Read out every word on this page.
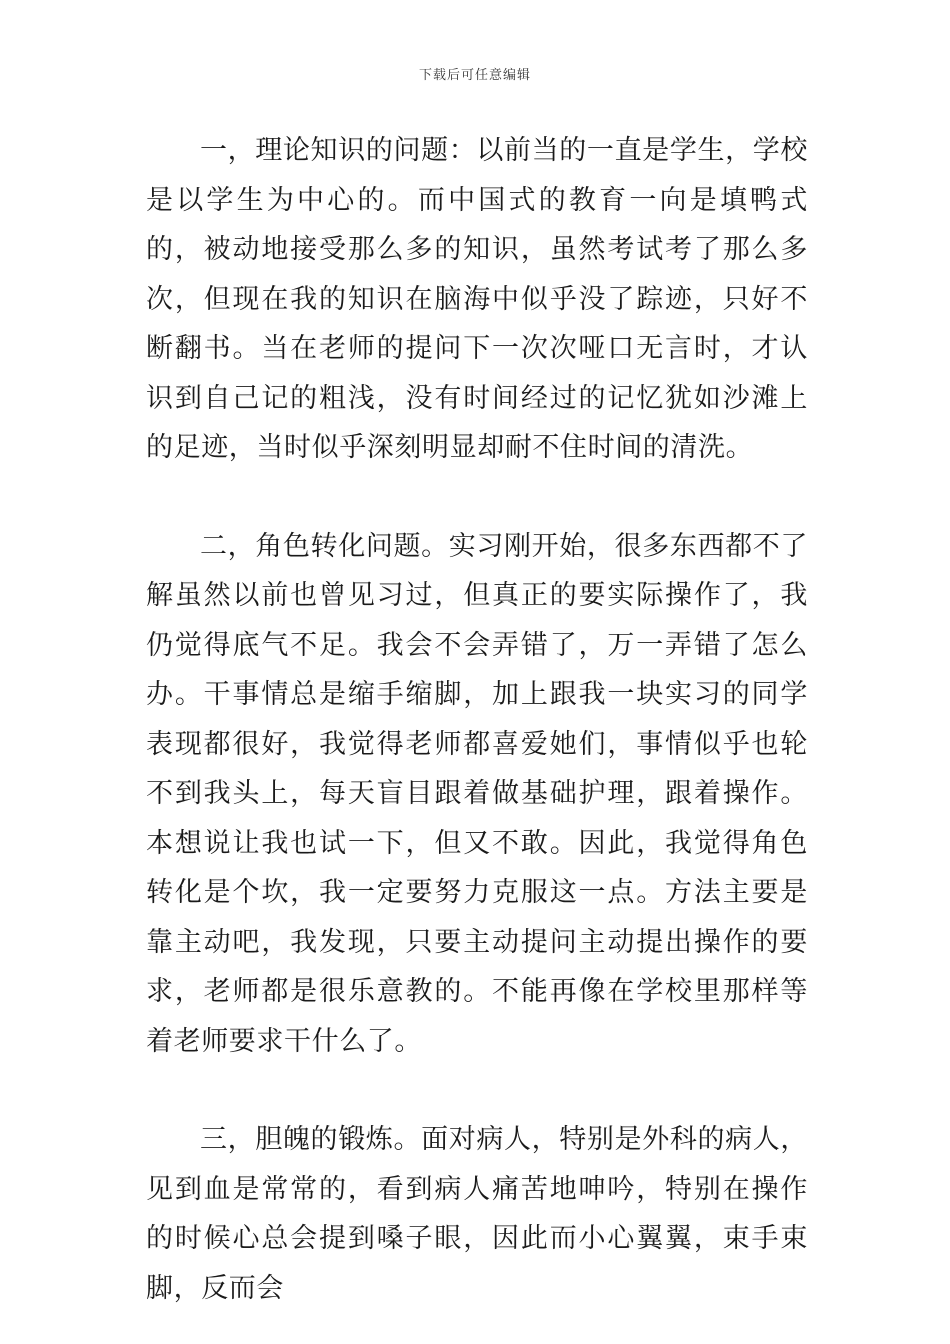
下载后可任意编辑

一，理论知识的问题：以前当的一直是学生，学校是以学生为中心的。而中国式的教育一向是填鸭式的，被动地接受那么多的知识，虽然考试考了那么多次，但现在我的知识在脑海中似乎没了踪迹，只好不断翻书。当在老师的提问下一次次哑口无言时，才认识到自己记的粗浅，没有时间经过的记忆犹如沙滩上的足迹，当时似乎深刻明显却耐不住时间的清洗。

二，角色转化问题。实习刚开始，很多东西都不了解虽然以前也曾见习过，但真正的要实际操作了，我仍觉得底气不足。我会不会弄错了，万一弄错了怎么办。干事情总是缩手缩脚，加上跟我一块实习的同学表现都很好，我觉得老师都喜爱她们，事情似乎也轮不到我头上，每天盲目跟着做基础护理，跟着操作。本想说让我也试一下，但又不敢。因此，我觉得角色转化是个坎，我一定要努力克服这一点。方法主要是靠主动吧，我发现，只要主动提问主动提出操作的要求，老师都是很乐意教的。不能再像在学校里那样等着老师要求干什么了。

三，胆魄的锻炼。面对病人，特别是外科的病人，见到血是常常的，看到病人痛苦地呻吟，特别在操作的时候心总会提到嗓子眼，因此而小心翼翼，束手束脚，反而会
